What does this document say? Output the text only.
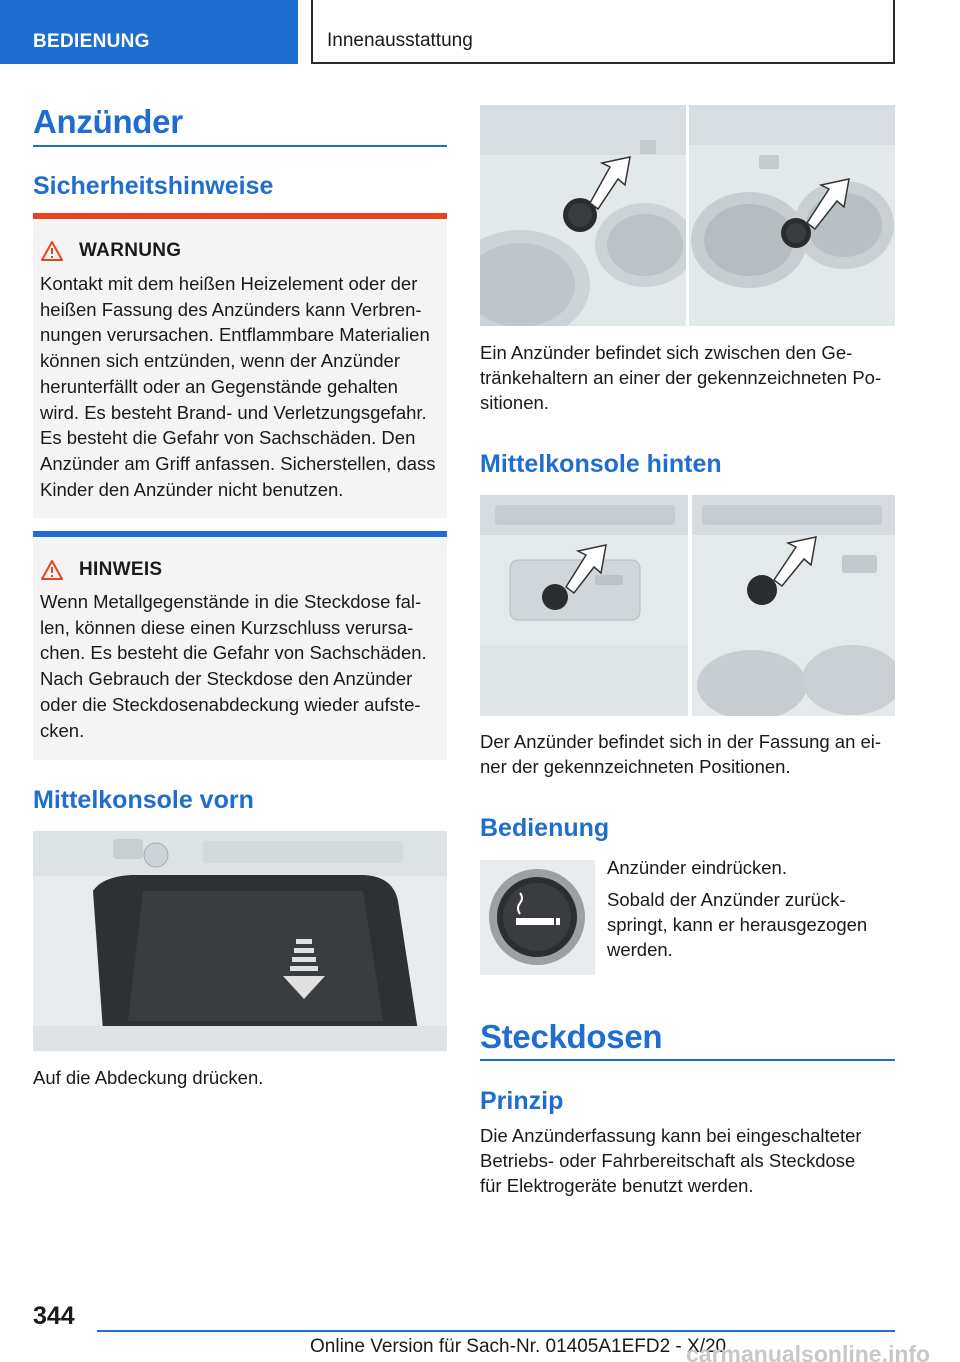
BEDIENUNG	Innenausstattung
Anzünder
Sicherheitshinweise
WARNUNG
Kontakt mit dem heißen Heizelement oder der
heißen Fassung des Anzünders kann Verbren-
nungen verursachen. Entflammbare Materialien
können sich entzünden, wenn der Anzünder
herunterfällt oder an Gegenstände gehalten
wird. Es besteht Brand- und Verletzungsgefahr.
Es besteht die Gefahr von Sachschäden. Den
Anzünder am Griff anfassen. Sicherstellen, dass
Kinder den Anzünder nicht benutzen.
HINWEIS
Wenn Metallgegenstände in die Steckdose fal-
len, können diese einen Kurzschluss verursa-
chen. Es besteht die Gefahr von Sachschäden.
Nach Gebrauch der Steckdose den Anzünder
oder die Steckdosenabdeckung wieder aufste-
cken.
Mittelkonsole vorn
Auf die Abdeckung drücken.
Ein Anzünder befindet sich zwischen den Ge-
tränkehaltern an einer der gekennzeichneten Po-
sitionen.
Mittelkonsole hinten
Der Anzünder befindet sich in der Fassung an ei-
ner der gekennzeichneten Positionen.
Bedienung
Anzünder eindrücken.
Sobald der Anzünder zurück-
springt, kann er herausgezogen
werden.
Steckdosen
Prinzip
Die Anzünderfassung kann bei eingeschalteter
Betriebs- oder Fahrbereitschaft als Steckdose
für Elektrogeräte benutzt werden.
344
Online Version für Sach-Nr. 01405A1EFD2 - X/20
carmanualsonline.info
